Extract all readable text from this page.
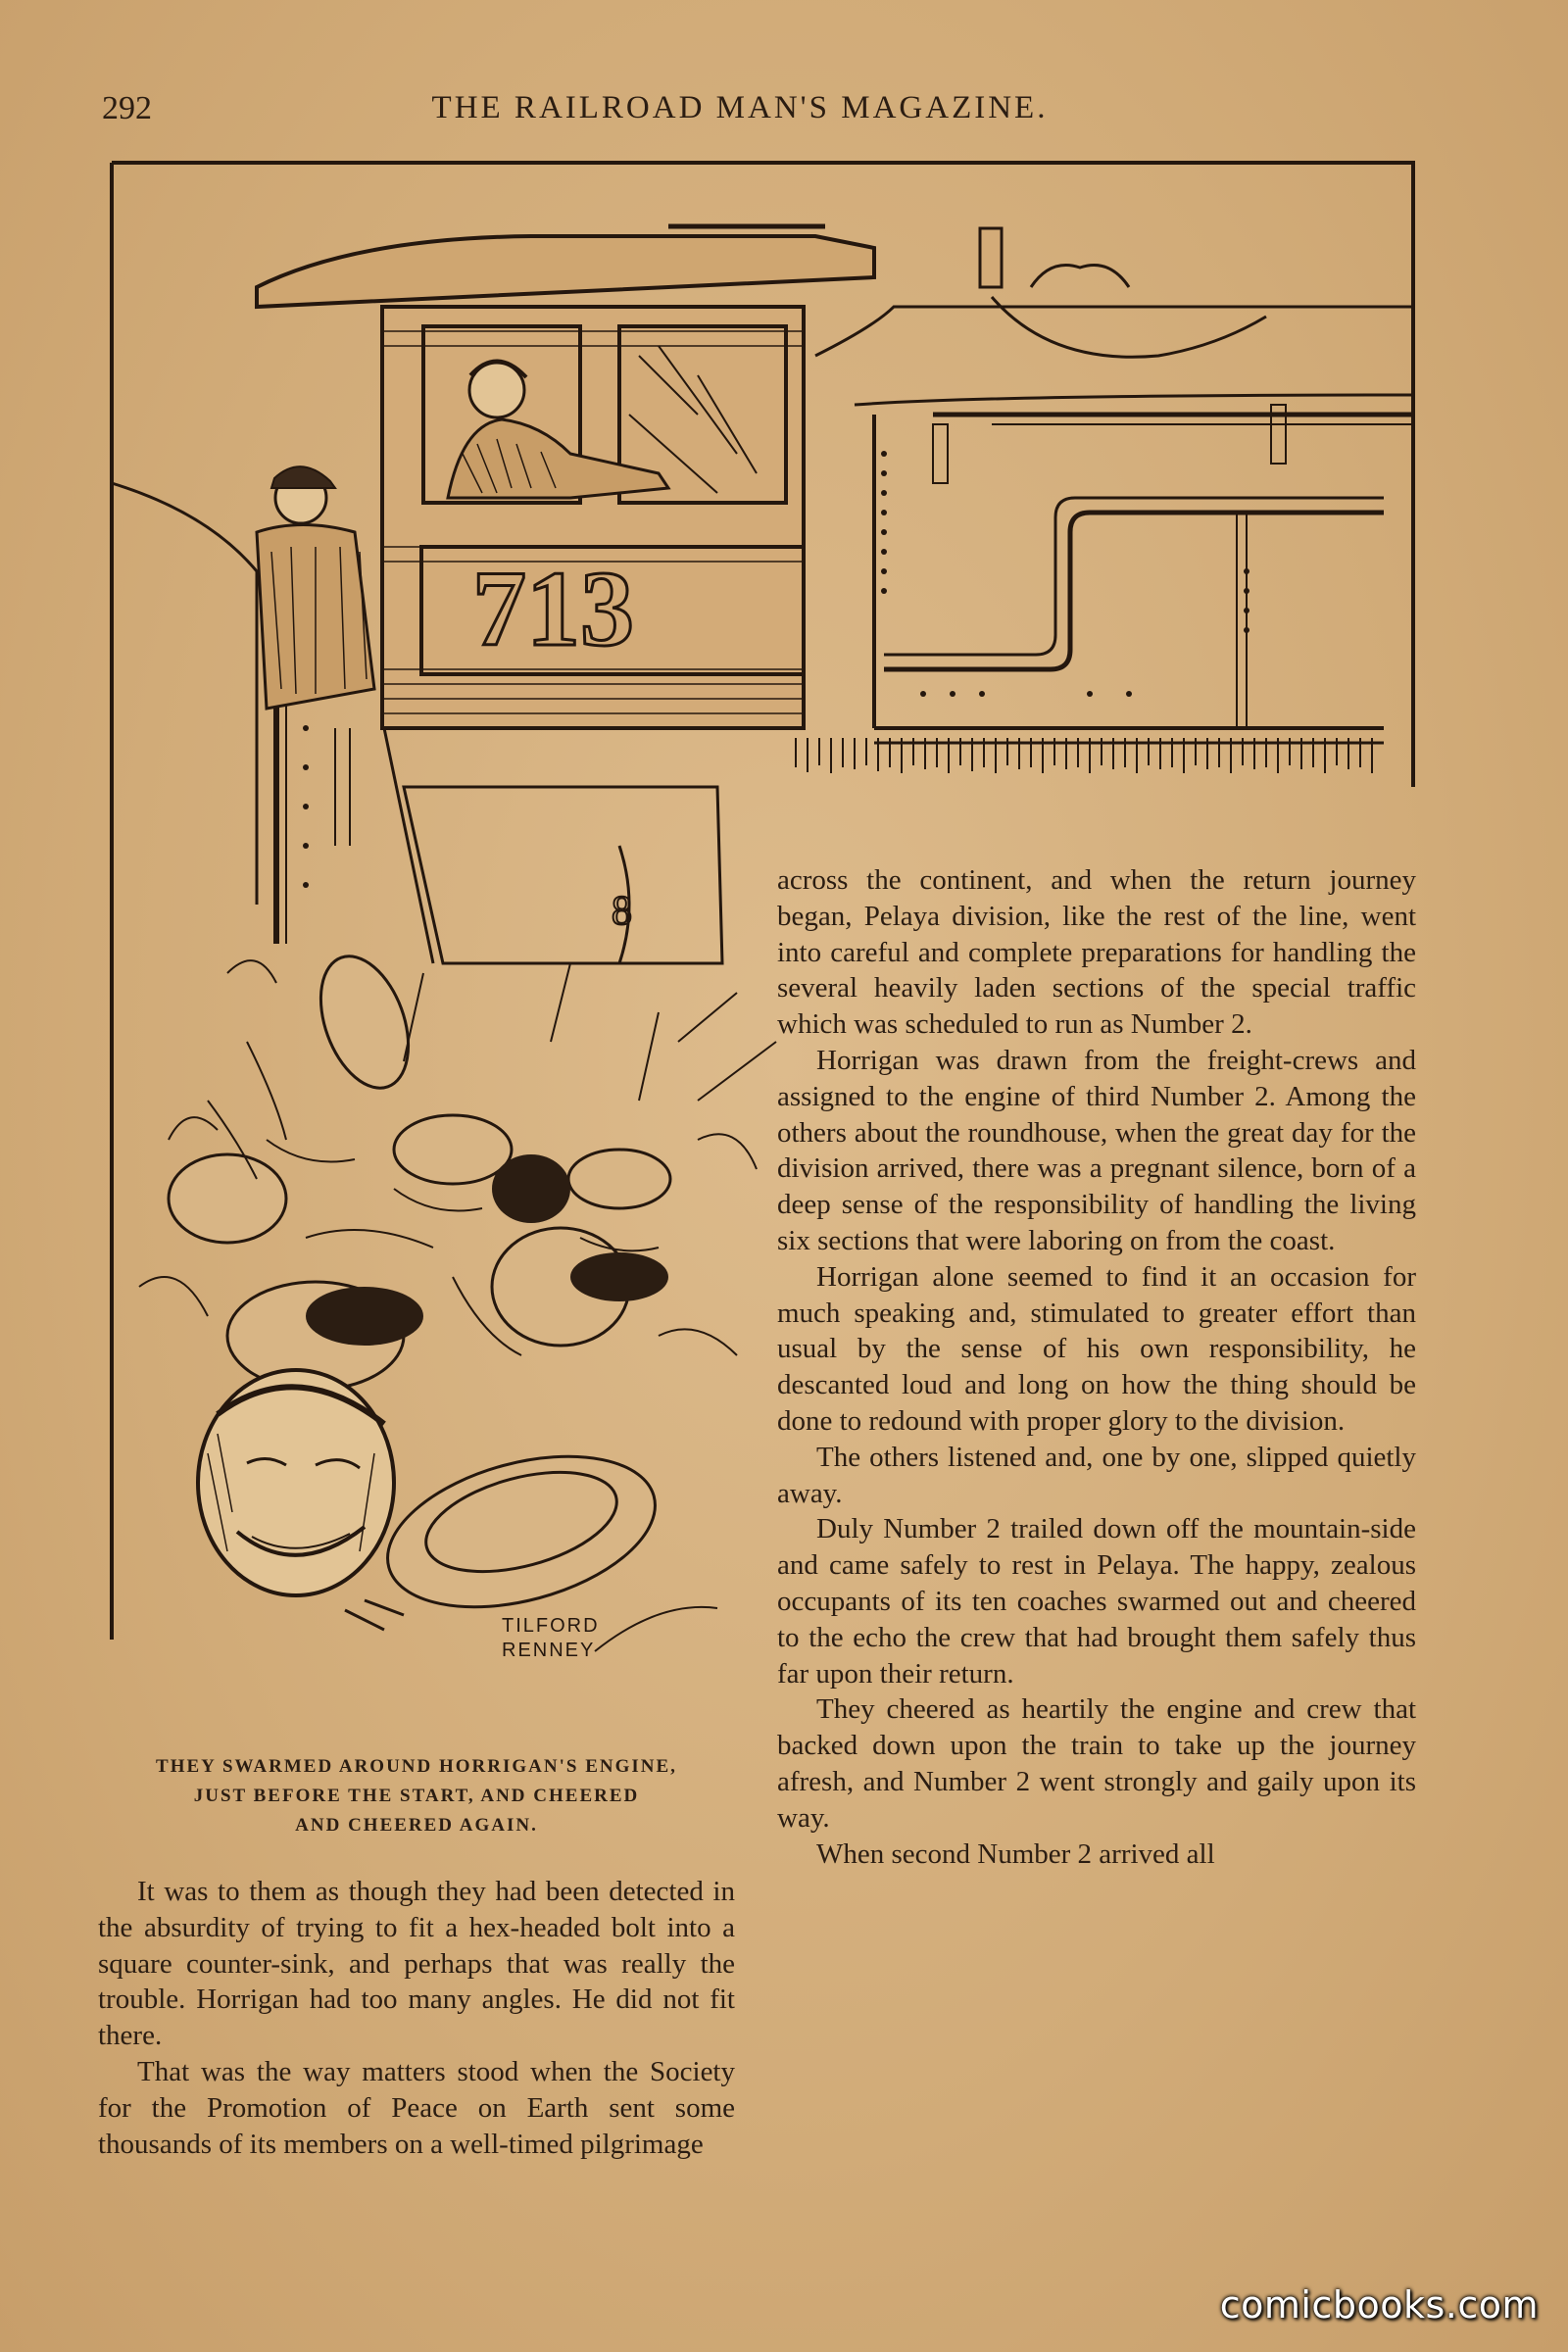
292	THE RAILROAD MAN'S MAGAZINE.
713
8
TILFORD
RENNEY
THEY SWARMED AROUND HORRIGAN'S ENGINE,
JUST BEFORE THE START, AND CHEERED
AND CHEERED AGAIN.

It was to them as though they had been detected in the absurdity of trying to fit a hex-headed bolt into a square counter-sink, and perhaps that was really the trouble. Horrigan had too many angles. He did not fit there.

That was the way matters stood when the Society for the Promotion of Peace on Earth sent some thousands of its members on a well-timed pilgrimage

across the continent, and when the return journey began, Pelaya division, like the rest of the line, went into careful and complete preparations for handling the several heavily laden sections of the special traffic which was scheduled to run as Number 2.

Horrigan was drawn from the freight-crews and assigned to the engine of third Number 2. Among the others about the roundhouse, when the great day for the division arrived, there was a pregnant silence, born of a deep sense of the responsibility of handling the living six sections that were laboring on from the coast.

Horrigan alone seemed to find it an occasion for much speaking and, stimulated to greater effort than usual by the sense of his own responsibility, he descanted loud and long on how the thing should be done to redound with proper glory to the division.

The others listened and, one by one, slipped quietly away.

Duly Number 2 trailed down off the mountain-side and came safely to rest in Pelaya. The happy, zealous occupants of its ten coaches swarmed out and cheered to the echo the crew that had brought them safely thus far upon their return.

They cheered as heartily the engine and crew that backed down upon the train to take up the journey afresh, and Number 2 went strongly and gaily upon its way.

When second Number 2 arrived all

comicbooks.com
